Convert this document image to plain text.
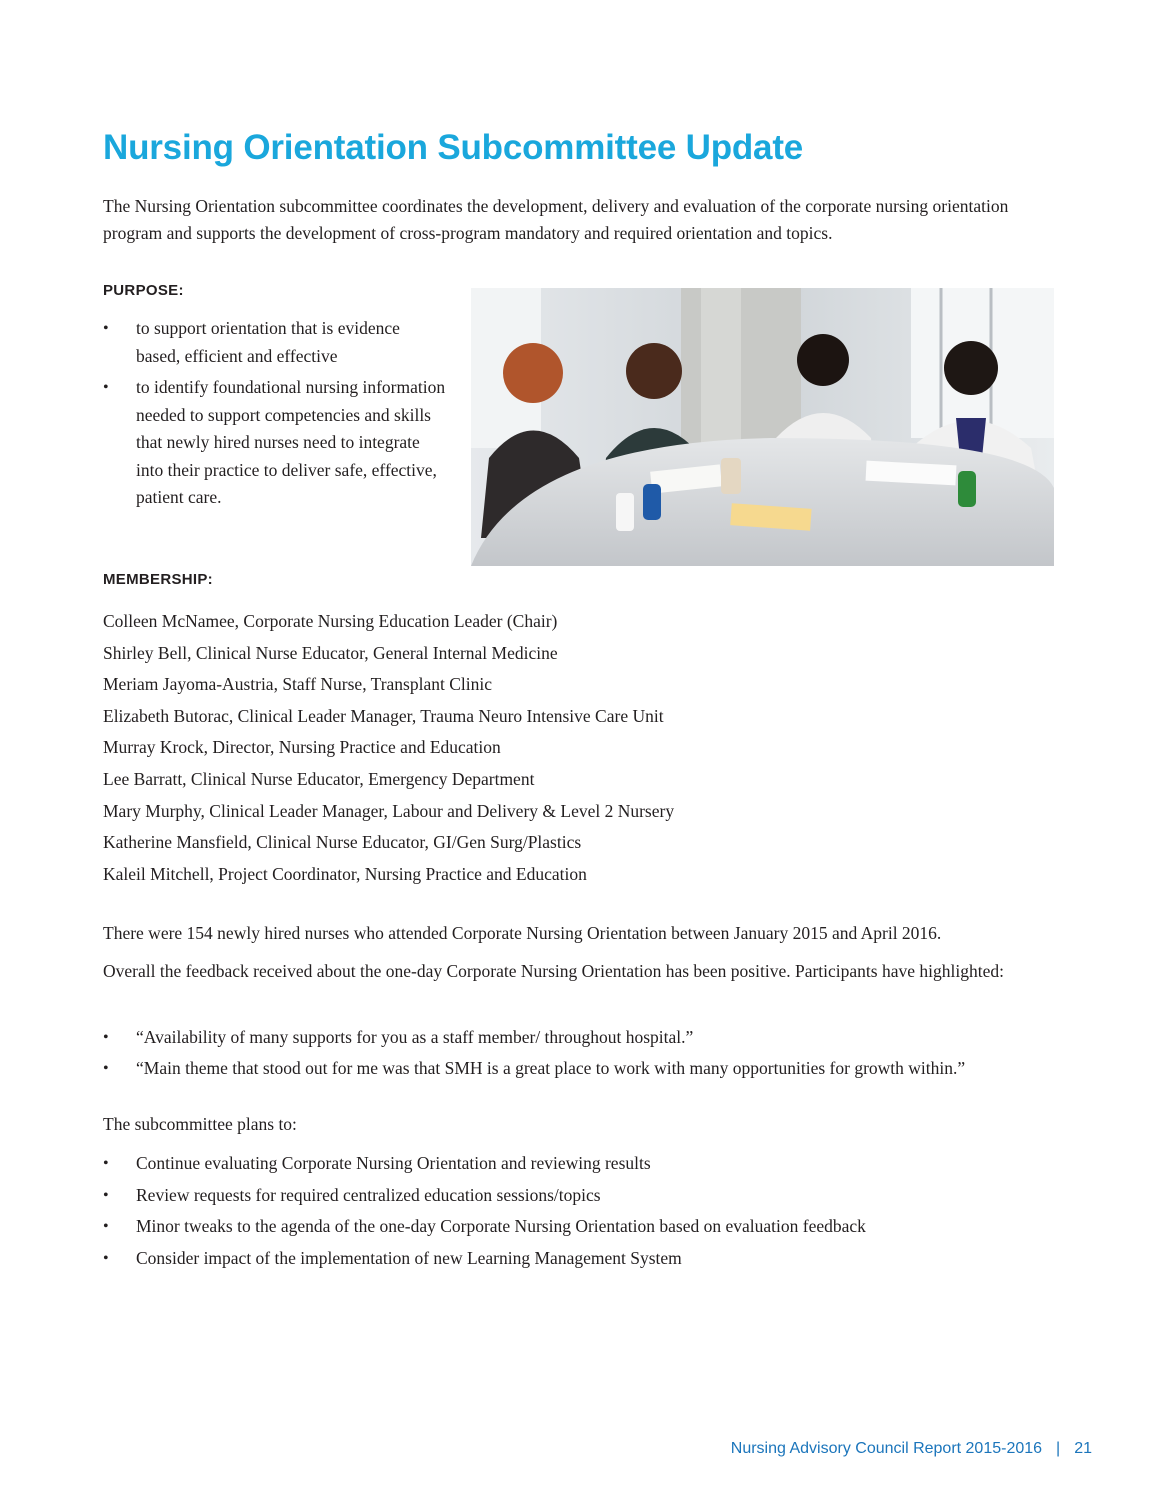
Nursing Orientation Subcommittee Update

The Nursing Orientation subcommittee coordinates the development, delivery and evaluation of the corporate nursing orientation program and supports the development of cross-program mandatory and required orientation and topics.

PURPOSE:
• to support orientation that is evidence based, efficient and effective
• to identify foundational nursing information needed to support competencies and skills that newly hired nurses need to integrate into their practice to deliver safe, effective, patient care.
MEMBERSHIP:
Colleen McNamee, Corporate Nursing Education Leader (Chair)
Shirley Bell, Clinical Nurse Educator, General Internal Medicine
Meriam Jayoma-Austria, Staff Nurse, Transplant Clinic
Elizabeth Butorac, Clinical Leader Manager, Trauma Neuro Intensive Care Unit
Murray Krock, Director, Nursing Practice and Education
Lee Barratt, Clinical Nurse Educator, Emergency Department
Mary Murphy, Clinical Leader Manager, Labour and Delivery & Level 2 Nursery
Katherine Mansfield, Clinical Nurse Educator, GI/Gen Surg/Plastics
Kaleil Mitchell, Project Coordinator, Nursing Practice and Education

There were 154 newly hired nurses who attended Corporate Nursing Orientation between January 2015 and April 2016.

Overall the feedback received about the one-day Corporate Nursing Orientation has been positive. Participants have highlighted:

• “Availability of many supports for you as a staff member/ throughout hospital.”
• “Main theme that stood out for me was that SMH is a great place to work with many opportunities for growth within.”

The subcommittee plans to:

• Continue evaluating Corporate Nursing Orientation and reviewing results
• Review requests for required centralized education sessions/topics
• Minor tweaks to the agenda of the one-day Corporate Nursing Orientation based on evaluation feedback
• Consider impact of the implementation of new Learning Management System

Nursing Advisory Council Report 2015-2016 | 21
